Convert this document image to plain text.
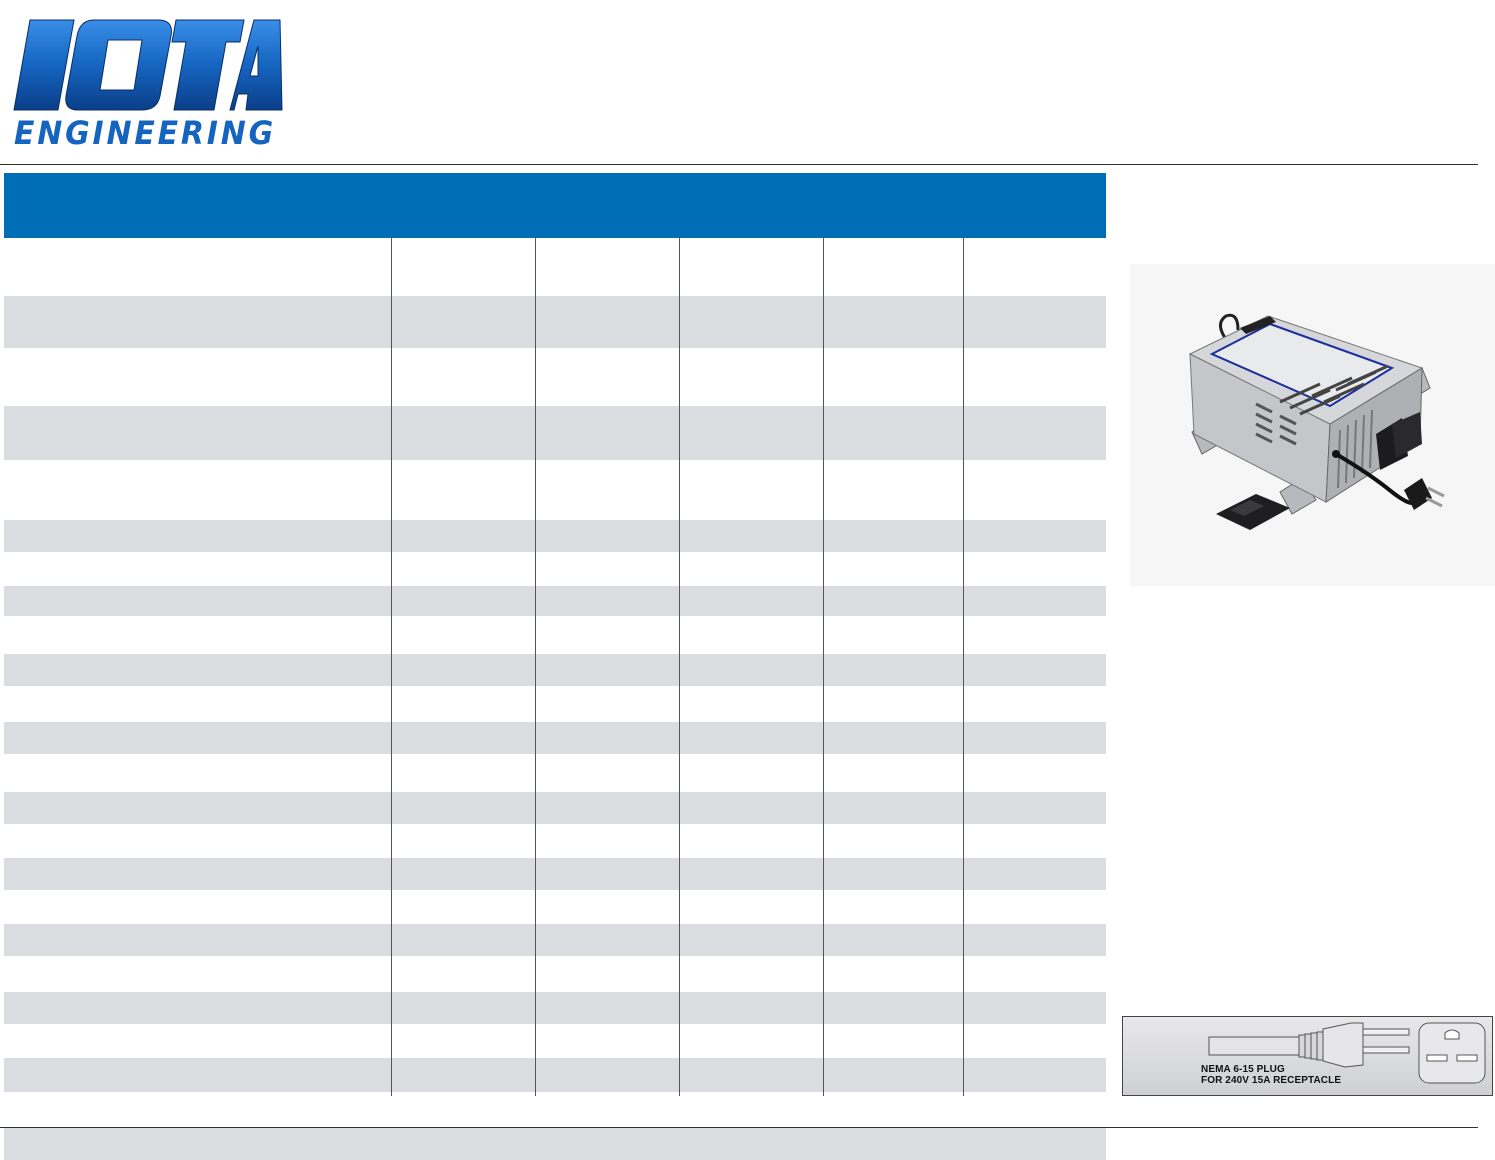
ENGINEERING
NEMA 6-15 PLUG
FOR 240V 15A RECEPTACLE
